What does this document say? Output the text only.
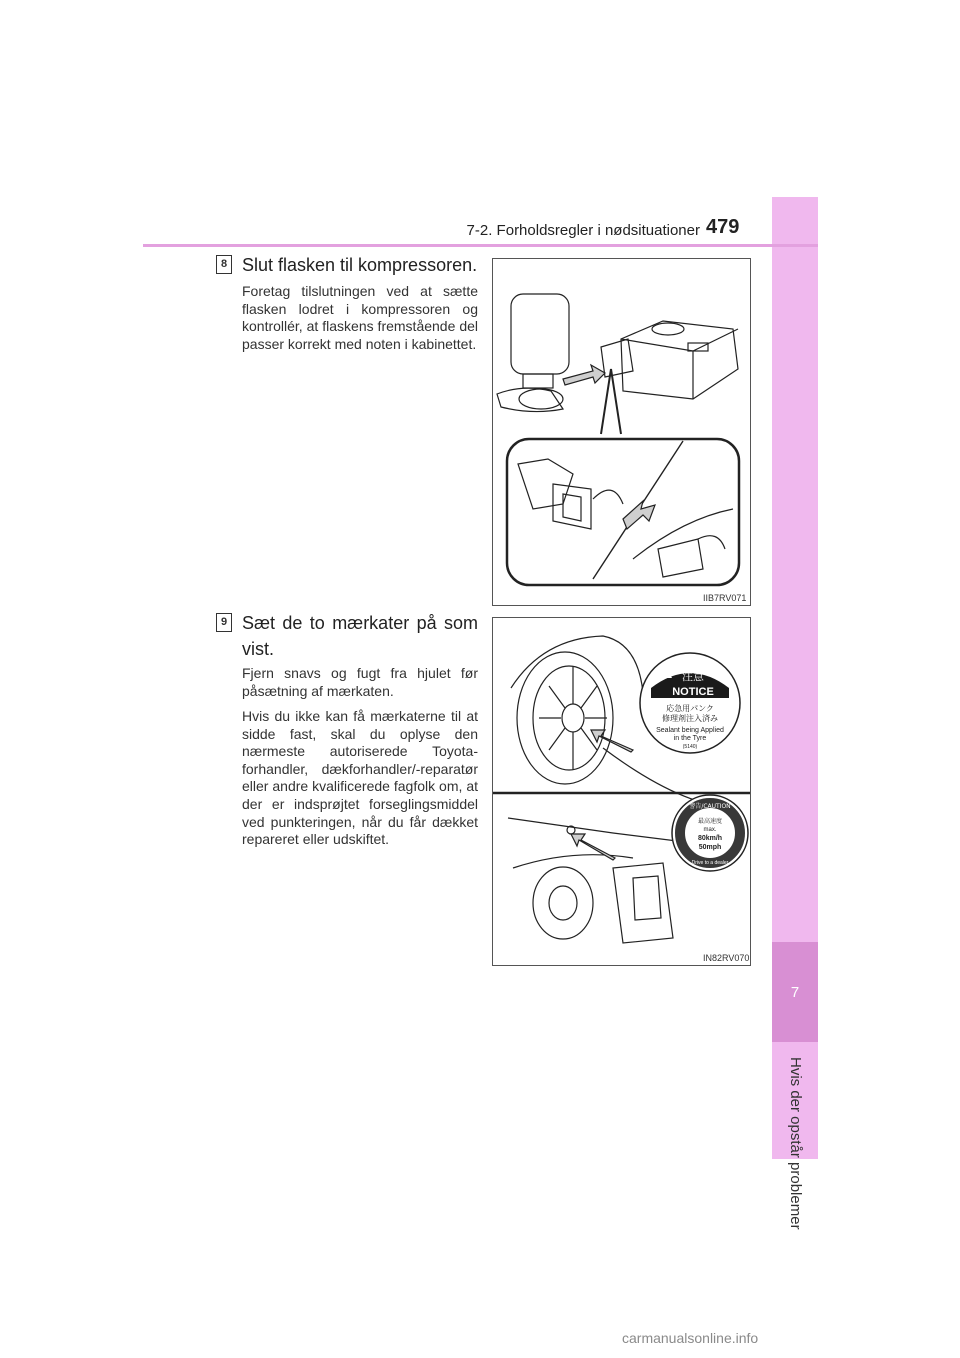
7
Hvis der opstår problemer
7-2. Forholdsregler i nødsituationer 479
8 Slut flasken til kompressoren.

Foretag tilslutningen ved at sætte flasken lodret i kompressoren og kontrollér, at flaskens fremstående del passer korrekt med noten i kabinettet.

IIB7RV071
9 Sæt de to mærkater på som vist.

Fjern snavs og fugt fra hjulet før påsætning af mærkaten.

Hvis du ikke kan få mærkaterne til at sidde fast, skal du oplyse den nærmeste autoriserede Toyota-forhandler, dækforhandler/-reparatør eller andre kvalificerede fagfolk om, at der er indsprøjtet forseglingsmiddel ved punkteringen, når du får dækket repareret eller udskiftet.

注意
NOTICE
応急用パンク
修理剤注入済み
Sealant being Applied
in the Tyre
(5140)
警告/CAUTION
最高速度
max.
80km/h
50mph
Drive to a dealer
IN82RV070
carmanualsonline.info
